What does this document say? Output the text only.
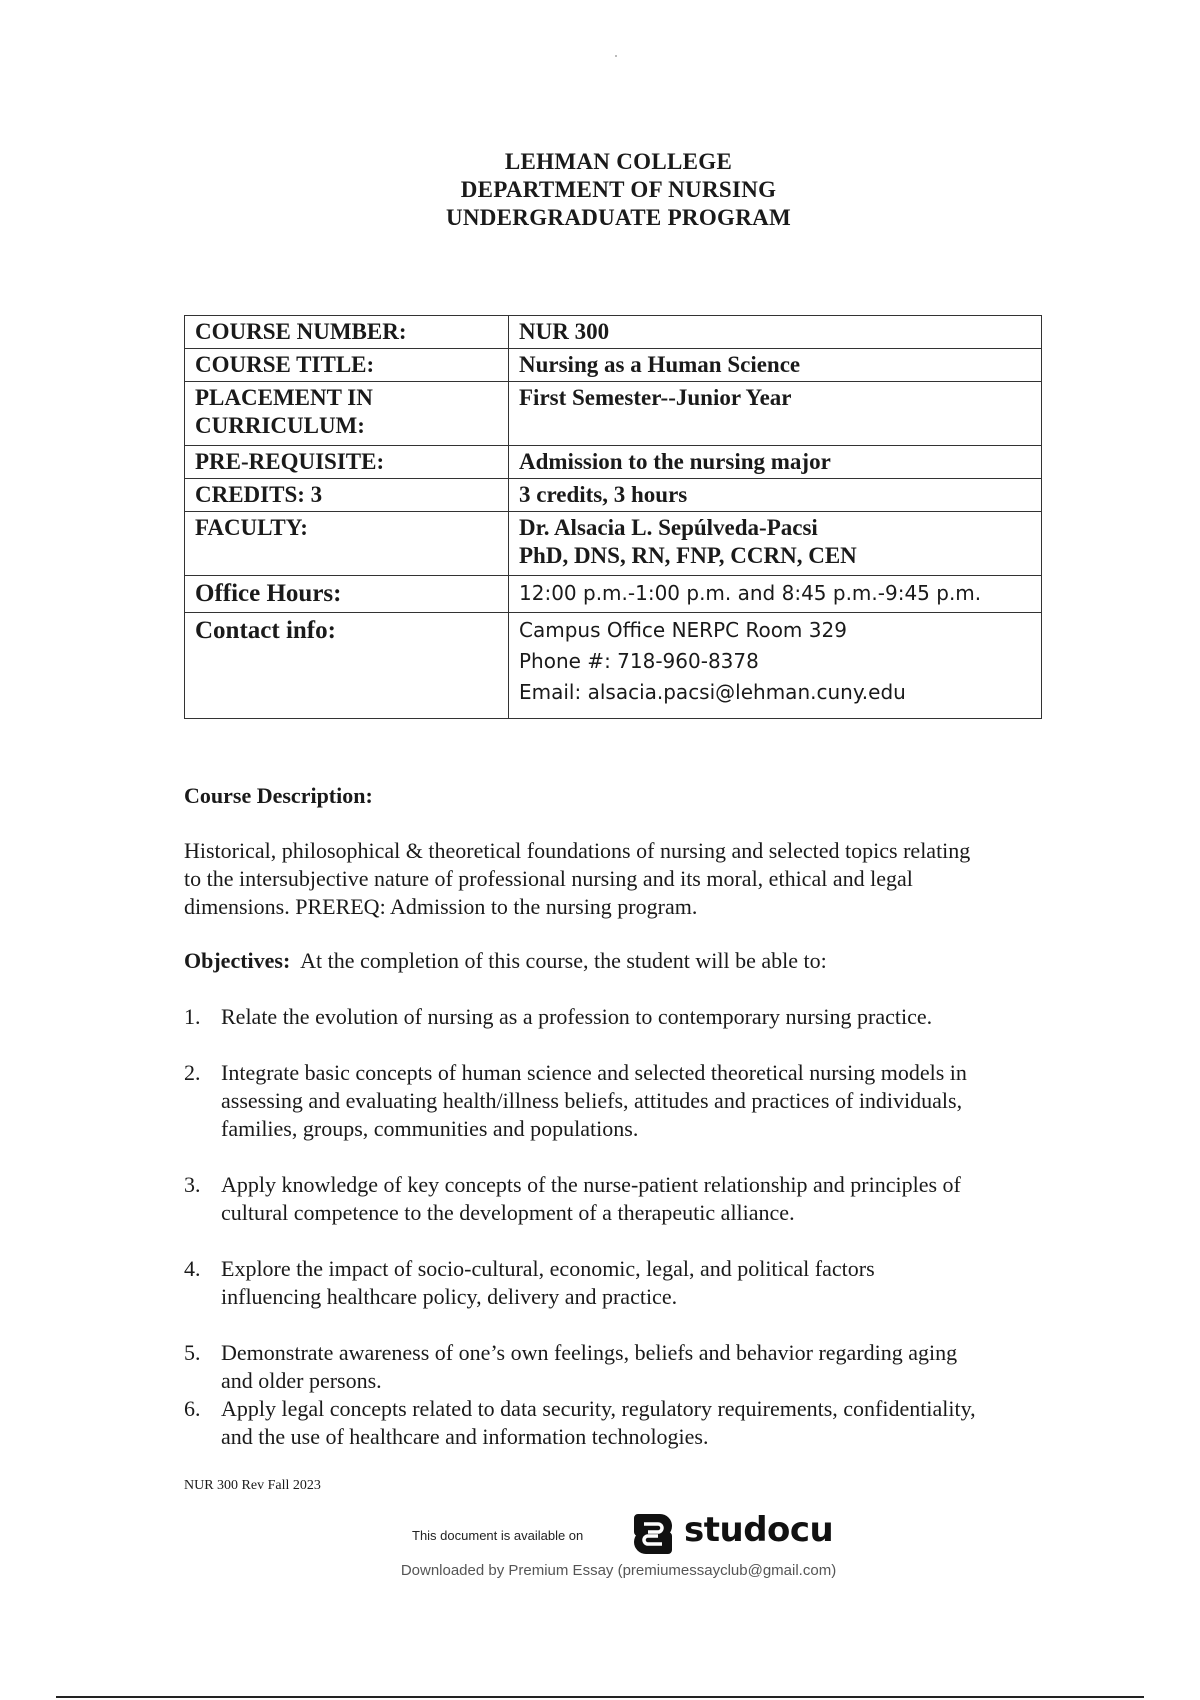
LEHMAN COLLEGE
DEPARTMENT OF NURSING
UNDERGRADUATE PROGRAM
COURSE NUMBER:	NUR 300
COURSE TITLE:	Nursing as a Human Science

PLACEMENT IN
CURRICULUM:	First Semester--Junior Year
PRE-REQUISITE:	Admission to the nursing major
CREDITS: 3	3 credits, 3 hours
FACULTY:	Dr. Alsacia L. Sepúlveda-Pacsi
PhD, DNS, RN, FNP, CCRN, CEN

Office Hours:	12:00 p.m.-1:00 p.m. and 8:45 p.m.-9:45 p.m.
Contact info:	Campus Office NERPC Room 329
Phone #: 718-960-8378
Email: alsacia.pacsi@lehman.cuny.edu
Course Description:
Historical, philosophical & theoretical foundations of nursing and selected topics relating
to the intersubjective nature of professional nursing and its moral, ethical and legal
dimensions. PREREQ: Admission to the nursing program.
Objectives:  At the completion of this course, the student will be able to:
1. Relate the evolution of nursing as a profession to contemporary nursing practice.
2. Integrate basic concepts of human science and selected theoretical nursing models in
assessing and evaluating health/illness beliefs, attitudes and practices of individuals,
families, groups, communities and populations.
3. Apply knowledge of key concepts of the nurse-patient relationship and principles of
cultural competence to the development of a therapeutic alliance.
4. Explore the impact of socio-cultural, economic, legal, and political factors
influencing healthcare policy, delivery and practice.
5. Demonstrate awareness of one’s own feelings, beliefs and behavior regarding aging
and older persons.
6. Apply legal concepts related to data security, regulatory requirements, confidentiality,
and the use of healthcare and information technologies.
NUR 300 Rev Fall 2023
This document is available on	studocu
Downloaded by Premium Essay (premiumessayclub@gmail.com)
